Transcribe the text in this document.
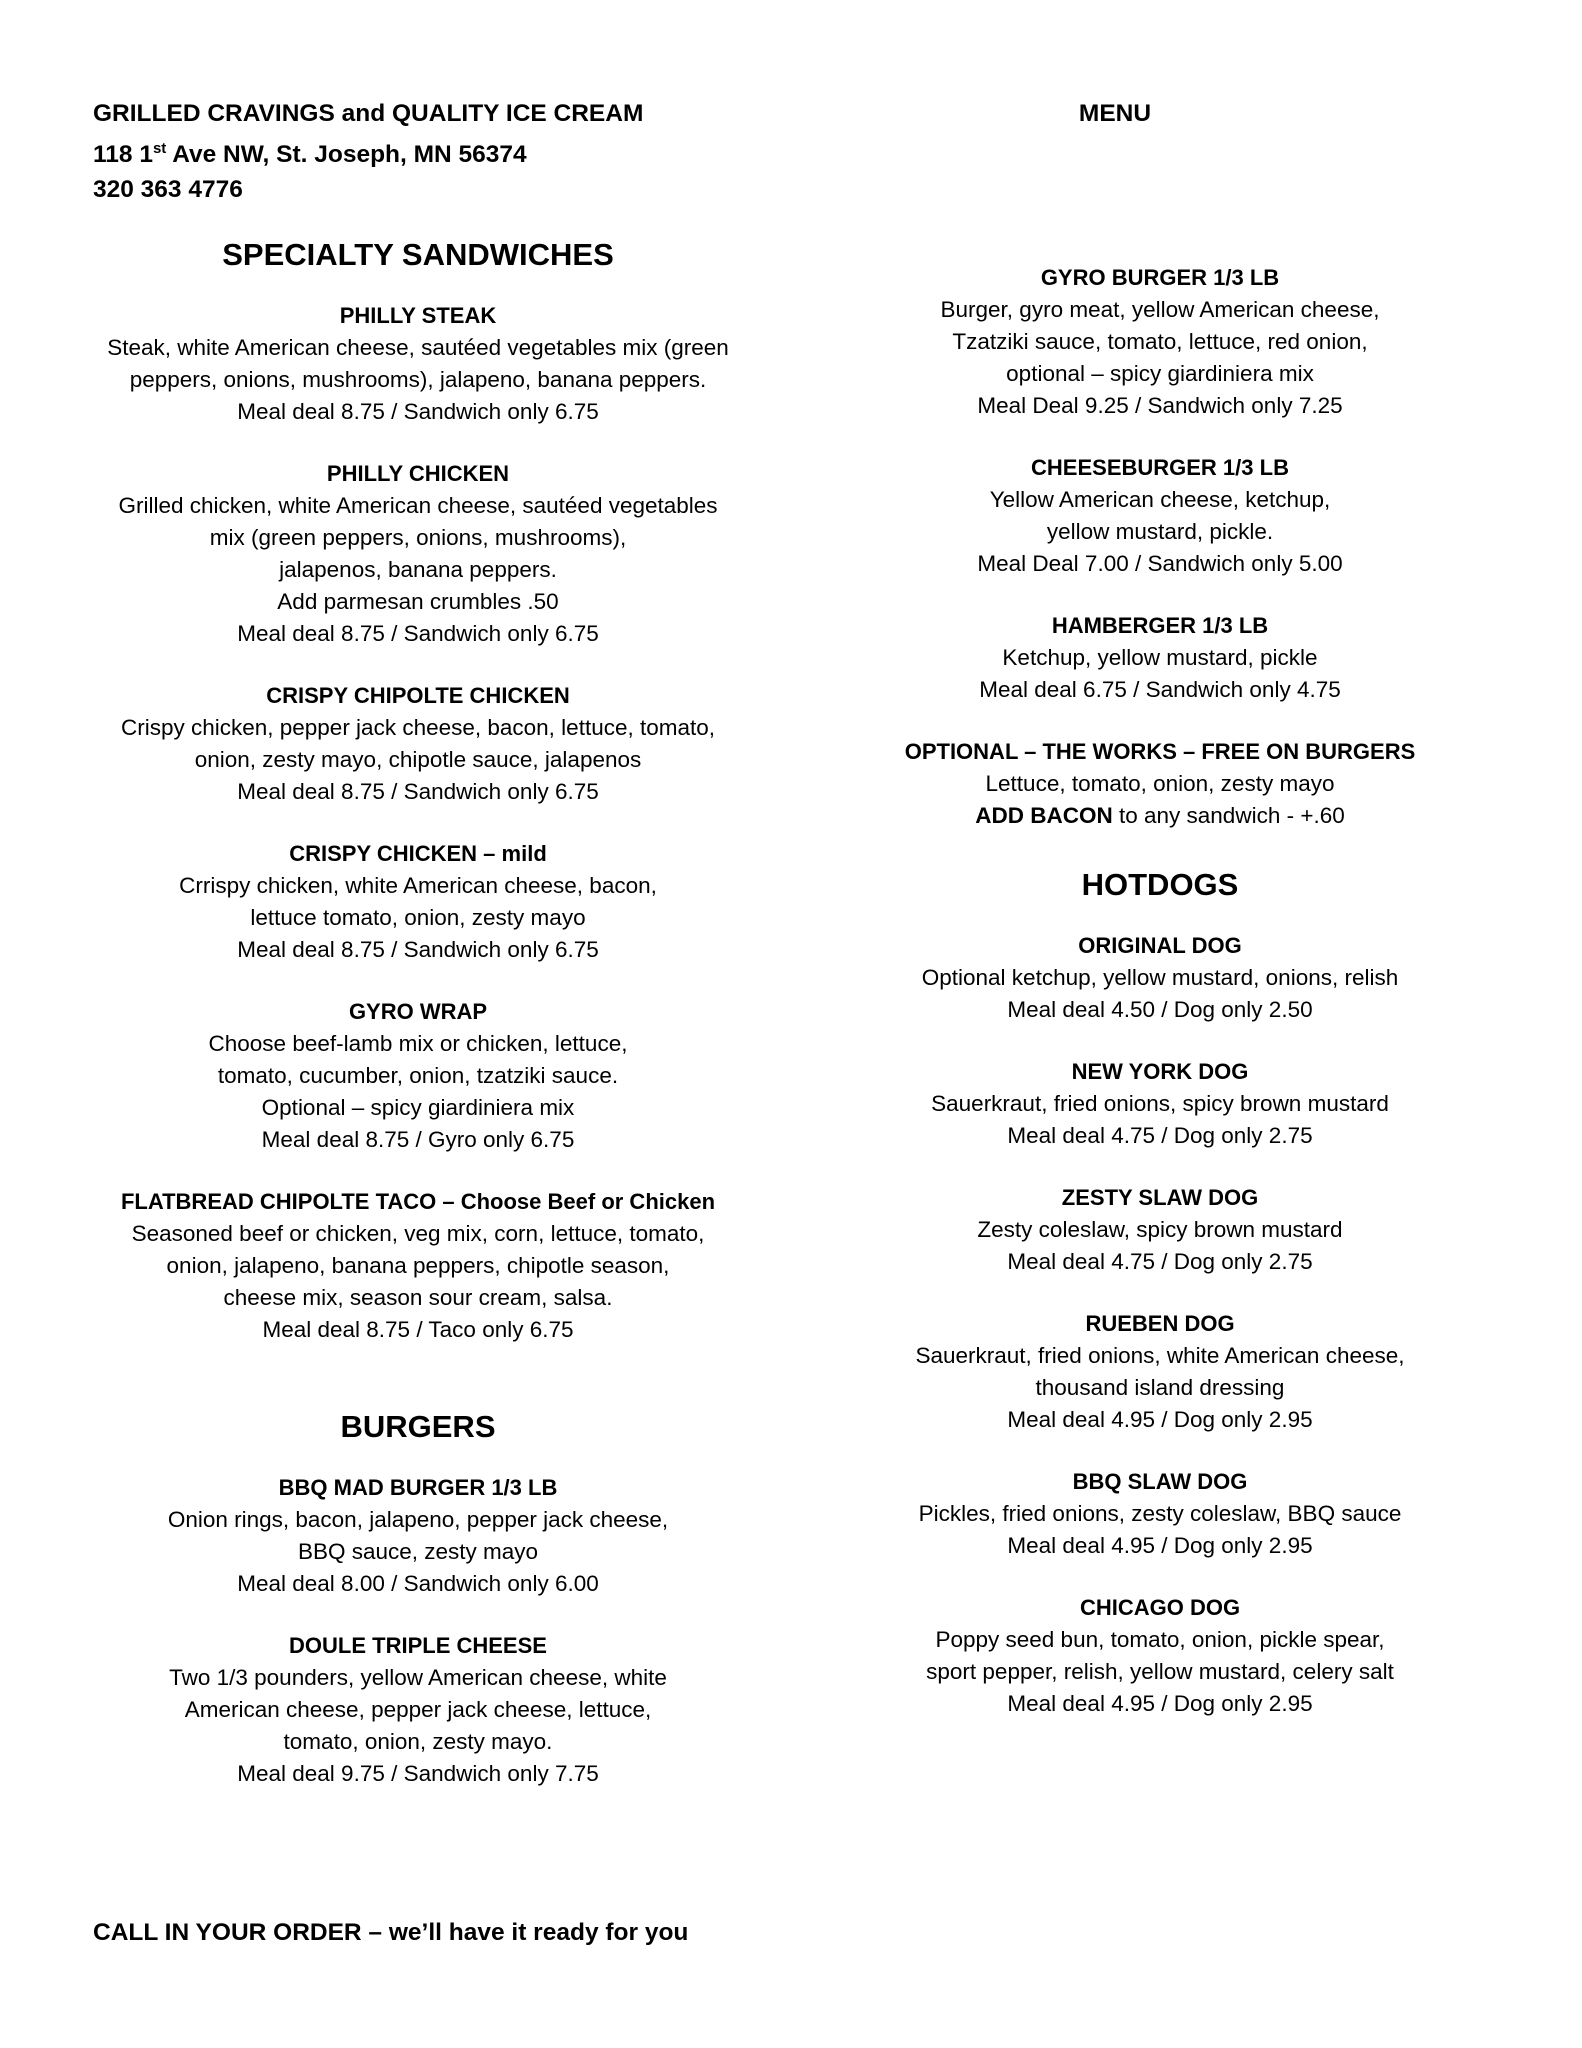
GRILLED CRAVINGS and QUALITY ICE CREAM
118 1st Ave NW, St. Joseph, MN 56374
320 363 4776
MENU
SPECIALTY SANDWICHES
PHILLY STEAK
Steak, white American cheese, sautéed vegetables mix (green
peppers, onions, mushrooms), jalapeno, banana peppers.
Meal deal 8.75 / Sandwich only 6.75
PHILLY CHICKEN
Grilled chicken, white American cheese, sautéed vegetables
mix (green peppers, onions, mushrooms),
jalapenos, banana peppers.
Add parmesan crumbles .50
Meal deal 8.75 / Sandwich only 6.75
CRISPY CHIPOLTE CHICKEN
Crispy chicken, pepper jack cheese, bacon, lettuce, tomato,
onion, zesty mayo, chipotle sauce, jalapenos
Meal deal 8.75 / Sandwich only 6.75
CRISPY CHICKEN – mild
Crrispy chicken, white American cheese, bacon,
lettuce tomato, onion, zesty mayo
Meal deal 8.75 / Sandwich only 6.75
GYRO WRAP
Choose beef-lamb mix or chicken, lettuce,
tomato, cucumber, onion, tzatziki sauce.
Optional – spicy giardiniera mix
Meal deal 8.75 / Gyro only 6.75
FLATBREAD CHIPOLTE TACO – Choose Beef or Chicken
Seasoned beef or chicken, veg mix, corn, lettuce, tomato,
onion, jalapeno, banana peppers, chipotle season,
cheese mix, season sour cream, salsa.
Meal deal 8.75 / Taco only 6.75
BURGERS
BBQ MAD BURGER 1/3 LB
Onion rings, bacon, jalapeno, pepper jack cheese,
BBQ sauce, zesty mayo
Meal deal 8.00 / Sandwich only 6.00
DOULE TRIPLE CHEESE
Two 1/3 pounders, yellow American cheese, white
American cheese, pepper jack cheese, lettuce,
tomato, onion, zesty mayo.
Meal deal 9.75 / Sandwich only 7.75
GYRO BURGER 1/3 LB
Burger, gyro meat, yellow American cheese,
Tzatziki sauce, tomato, lettuce, red onion,
optional – spicy giardiniera mix
Meal Deal 9.25 / Sandwich only 7.25
CHEESEBURGER 1/3 LB
Yellow American cheese, ketchup,
yellow mustard, pickle.
Meal Deal 7.00 / Sandwich only 5.00
HAMBERGER 1/3 LB
Ketchup, yellow mustard, pickle
Meal deal 6.75 / Sandwich only 4.75
OPTIONAL – THE WORKS – FREE ON BURGERS
Lettuce, tomato, onion, zesty mayo
ADD BACON to any sandwich - +.60
HOTDOGS
ORIGINAL DOG
Optional ketchup, yellow mustard, onions, relish
Meal deal 4.50 / Dog only 2.50
NEW YORK DOG
Sauerkraut, fried onions, spicy brown mustard
Meal deal 4.75 / Dog only 2.75
ZESTY SLAW DOG
Zesty coleslaw, spicy brown mustard
Meal deal 4.75 / Dog only 2.75
RUEBEN DOG
Sauerkraut, fried onions, white American cheese,
thousand island dressing
Meal deal 4.95 / Dog only 2.95
BBQ SLAW DOG
Pickles, fried onions, zesty coleslaw, BBQ sauce
Meal deal 4.95 / Dog only 2.95
CHICAGO DOG
Poppy seed bun, tomato, onion, pickle spear,
sport pepper, relish, yellow mustard, celery salt
Meal deal 4.95 / Dog only 2.95
CALL IN YOUR ORDER – we’ll have it ready for you
